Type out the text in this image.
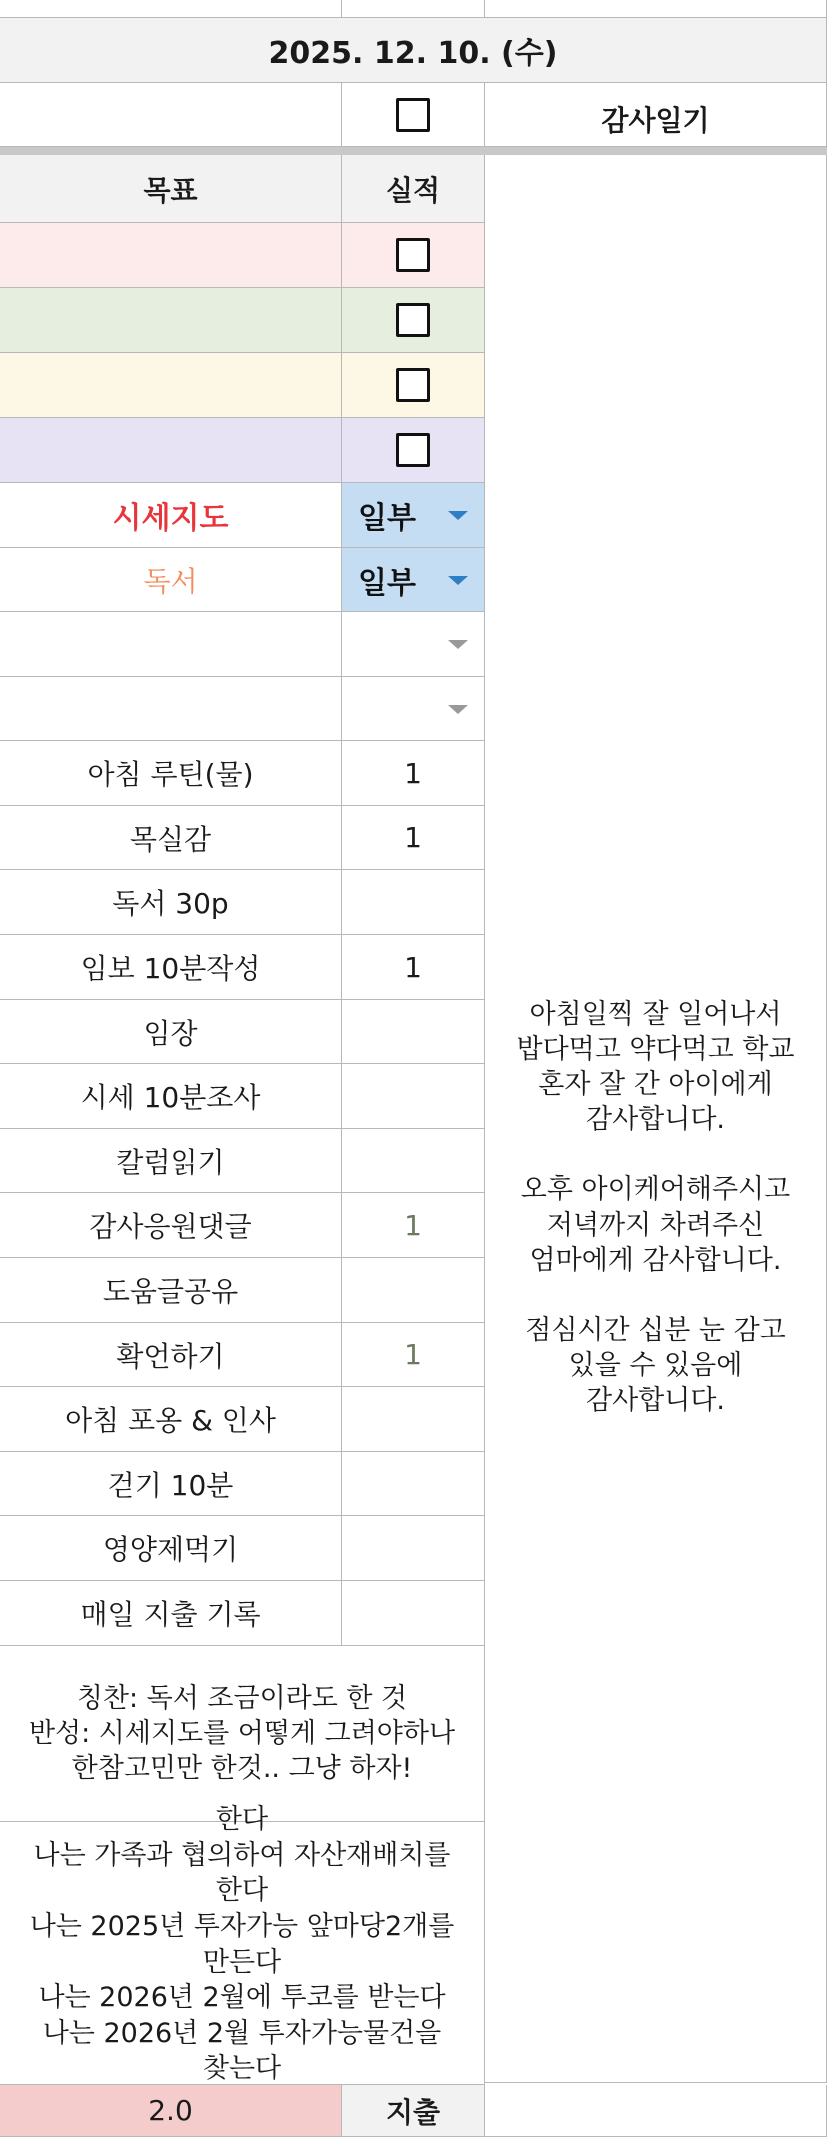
2025. 12. 10. (수)
감사일기
목표	실적
아침일찍 잘 일어나서
밥다먹고 약다먹고 학교
혼자 잘 간 아이에게
감사합니다.

오후 아이케어해주시고
저녁까지 차려주신
엄마에게 감사합니다.

점심시간 십분 눈 감고
있을 수 있음에
감사합니다.
시세지도	일부
독서	일부
아침 루틴(물)	1
목실감	1
독서 30p
임보 10분작성	1
임장
시세 10분조사
칼럼읽기
감사응원댓글	1
도움글공유
확언하기	1
아침 포옹 & 인사
걷기 10분
영양제먹기
매일 지출 기록
칭찬: 독서 조금이라도 한 것
반성: 시세지도를 어떻게 그려야하나
한참고민만 한것.. 그냥 하자!
한다
나는 가족과 협의하여 자산재배치를
한다
나는 2025년 투자가능 앞마당2개를
만든다
나는 2026년 2월에 투코를 받는다
나는 2026년 2월 투자가능물건을
찾는다
2.0	지출
